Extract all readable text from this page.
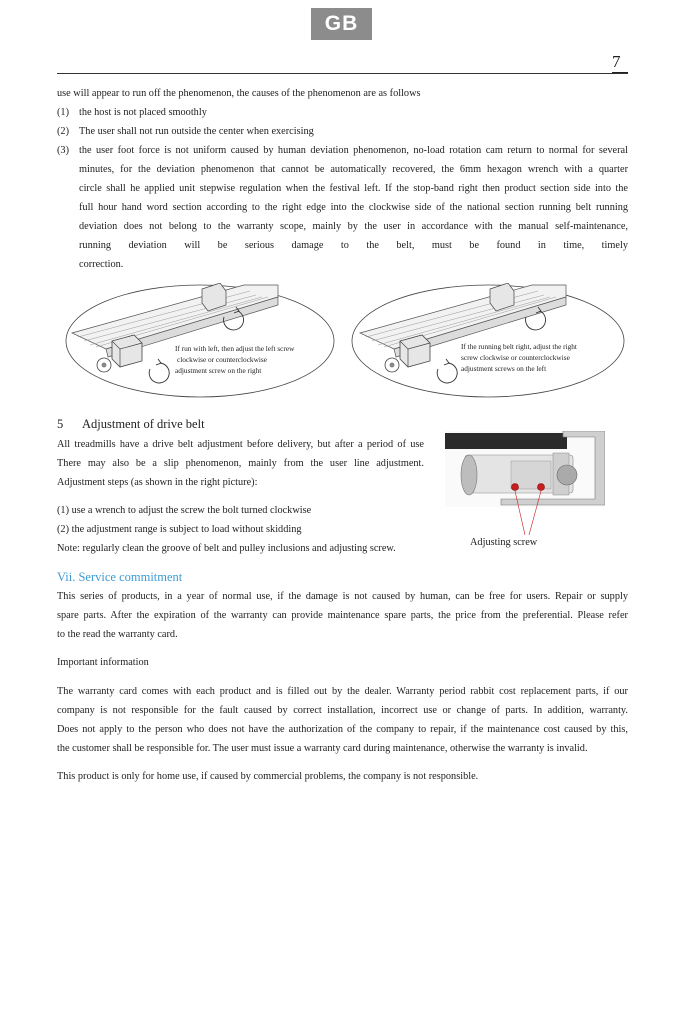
GB
7
use will appear to run off the phenomenon, the causes of the phenomenon are as follows
(1) the host is not placed smoothly
(2) The user shall not run outside the center when exercising
(3) the user foot force is not uniform caused by human deviation phenomenon, no-load rotation cam return to normal for several
minutes, for the deviation phenomenon that cannot be automatically recovered, the 6mm hexagon wrench with a quarter
circle shall he applied unit stepwise regulation when the festival left. If the stop-band right then product section side into the
full hour hand word section according to the right edge into the clockwise side of the national section running belt running
deviation does not belong to the warranty scope, mainly by the user in accordance with the manual self-maintenance,
running deviation will be serious damage to the belt, must be found in time, timely
correction.
If run with left, then adjust the left screw
clockwise or counterclockwise
adjustment screw on the right
If the running belt right, adjust the right
screw clockwise or counterclockwise
adjustment screws on the left
5 Adjustment of drive belt
All treadmills have a drive belt adjustment before delivery, but after a period of use
There may also be a slip phenomenon, mainly from the user line adjustment.
Adjustment steps (as shown in the right picture):
(1) use a wrench to adjust the screw the bolt turned clockwise
(2) the adjustment range is subject to load without skidding
Note: regularly clean the groove of belt and pulley inclusions and adjusting screw.
Adjusting screw
Vii. Service commitment
This series of products, in a year of normal use, if the damage is not caused by human, can be free for users. Repair or supply
spare parts. After the expiration of the warranty can provide maintenance spare parts, the price from the preferential. Please refer
to the read the warranty card.
Important information
The warranty card comes with each product and is filled out by the dealer. Warranty period rabbit cost replacement parts, if our
company is not responsible for the fault caused by correct installation, incorrect use or change of parts. In addition, warranty.
Does not apply to the person who does not have the authorization of the company to repair, if the maintenance cost caused by this,
the customer shall be responsible for. The user must issue a warranty card during maintenance, otherwise the warranty is invalid.
This product is only for home use, if caused by commercial problems, the company is not responsible.
